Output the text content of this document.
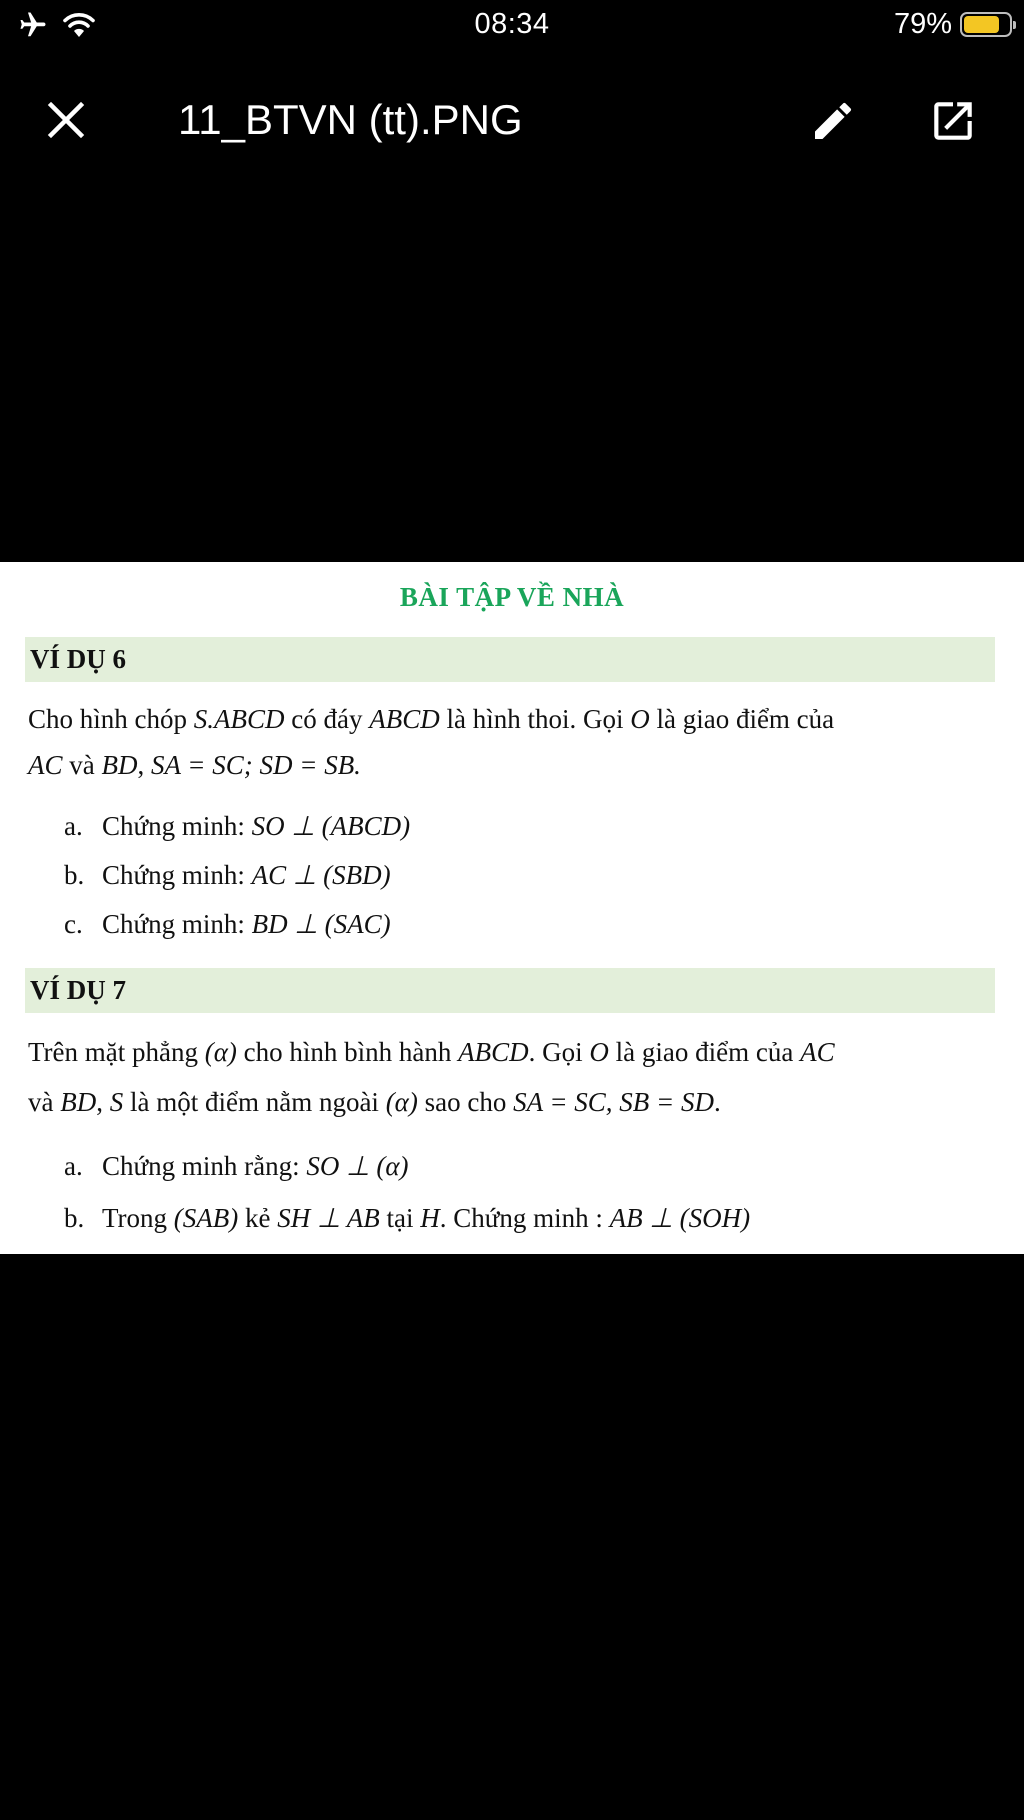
08:34	79%
11_BTVN (tt).PNG
BÀI TẬP VỀ NHÀ
VÍ DỤ 6
Cho hình chóp S.ABCD có đáy ABCD là hình thoi. Gọi O là giao điểm của
AC và BD, SA = SC; SD = SB.
a. Chứng minh: SO ⊥ (ABCD)
b. Chứng minh: AC ⊥ (SBD)
c. Chứng minh: BD ⊥ (SAC)
VÍ DỤ 7
Trên mặt phẳng (α) cho hình bình hành ABCD. Gọi O là giao điểm của AC
và BD, S là một điểm nằm ngoài (α) sao cho SA = SC, SB = SD.
a. Chứng minh rằng: SO ⊥ (α)
b. Trong (SAB) kẻ SH ⊥ AB tại H. Chứng minh : AB ⊥ (SOH)
